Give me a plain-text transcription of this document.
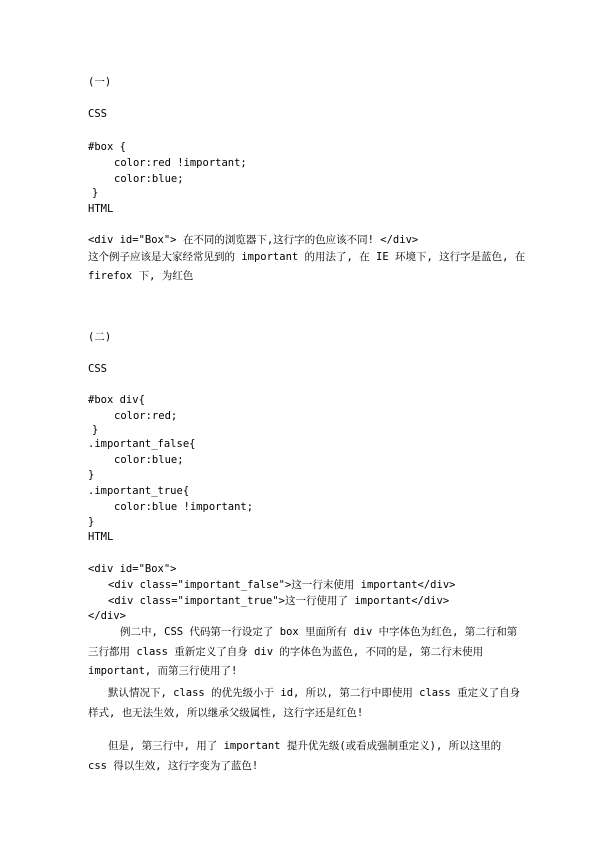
(一)
CSS
#box {
color:red !important;
color:blue;
}
HTML
<div id="Box"> 在不同的浏览器下,这行字的色应该不同! </div>
这个例子应该是大家经常见到的 important 的用法了, 在 IE 环境下, 这行字是蓝色, 在
firefox 下, 为红色
(二)
CSS
#box div{
color:red;
}
.important_false{
color:blue;
}
.important_true{
color:blue !important;
}
HTML
<div id="Box">
<div class="important_false">这一行末使用 important</div>
<div class="important_true">这一行使用了 important</div>
</div>
例二中, CSS 代码第一行设定了 box 里面所有 div 中字体色为红色, 第二行和第三行都用 class 重新定义了自身 div 的字体色为蓝色, 不同的是, 第二行末使用 important, 而第三行使用了!
默认情况下, class 的优先级小于 id, 所以, 第二行中即使用 class 重定义了自身样式, 也无法生效, 所以继承父级属性, 这行字还是红色!
但是, 第三行中, 用了 important 提升优先级(或看成强制重定义), 所以这里的 css 得以生效, 这行字变为了蓝色!
